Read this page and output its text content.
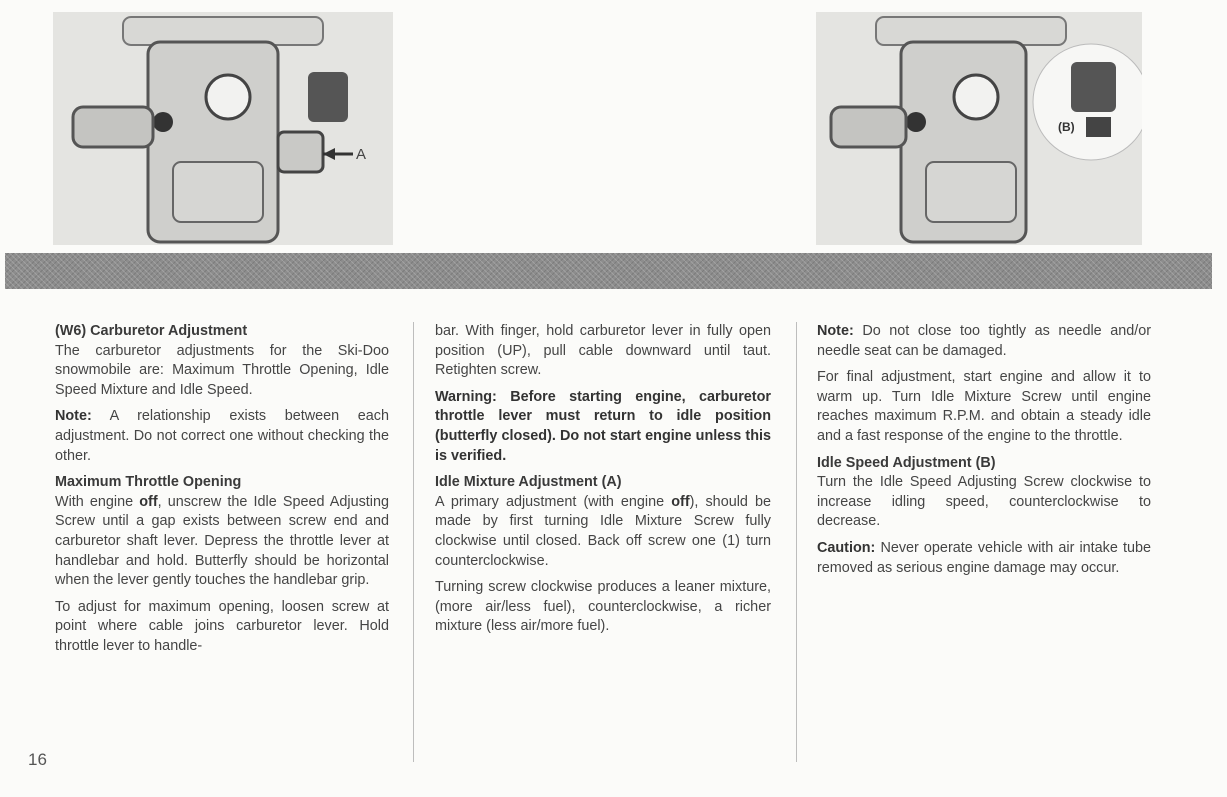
A
(B)
(W6) Carburetor Adjustment

The carburetor adjustments for the Ski-Doo snowmobile are: Maximum Throttle Opening, Idle Speed Mixture and Idle Speed.

Note: A relationship exists between each adjustment. Do not correct one without checking the other.

Maximum Throttle Opening

With engine off, unscrew the Idle Speed Adjusting Screw until a gap exists between screw end and carburetor shaft lever. Depress the throttle lever at handlebar and hold. Butterfly should be horizontal when the lever gently touches the handlebar grip.

To adjust for maximum opening, loosen screw at point where cable joins carburetor lever. Hold throttle lever to handle-

bar. With finger, hold carburetor lever in fully open position (UP), pull cable downward until taut. Retighten screw.

Warning: Before starting engine, carburetor throttle lever must return to idle position (butterfly closed). Do not start engine unless this is verified.

Idle Mixture Adjustment (A)

A primary adjustment (with engine off), should be made by first turning Idle Mixture Screw fully clockwise until closed. Back off screw one (1) turn counterclockwise.

Turning screw clockwise produces a leaner mixture, (more air/less fuel), counterclockwise, a richer mixture (less air/more fuel).

Note: Do not close too tightly as needle and/or needle seat can be damaged.

For final adjustment, start engine and allow it to warm up. Turn Idle Mixture Screw until engine reaches maximum R.P.M. and obtain a steady idle and a fast response of the engine to the throttle.

Idle Speed Adjustment (B)

Turn the Idle Speed Adjusting Screw clockwise to increase idling speed, counterclockwise to decrease.

Caution: Never operate vehicle with air intake tube removed as serious engine damage may occur.

16
